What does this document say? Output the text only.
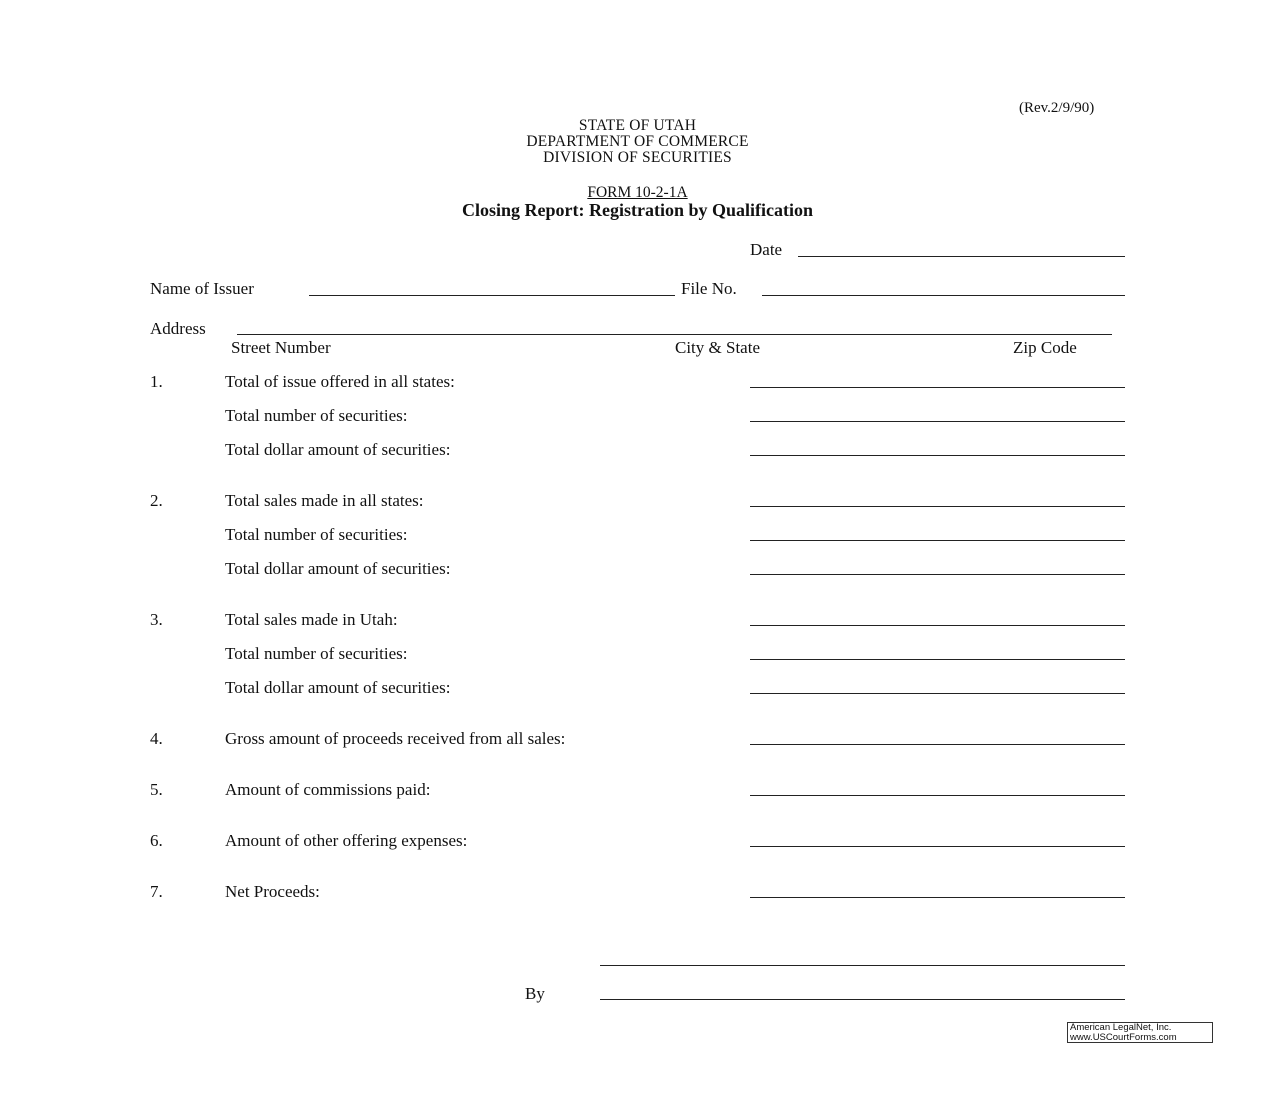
(Rev.2/9/90)
STATE OF UTAH
DEPARTMENT OF COMMERCE
DIVISION OF SECURITIES
FORM 10-2-1A
Closing Report: Registration by Qualification
Date
Name of Issuer	File No.
Address
Street Number	City & State	Zip Code
1.	Total of issue offered in all states:
Total number of securities:
Total dollar amount of securities:
2.	Total sales made in all states:
Total number of securities:
Total dollar amount of securities:
3.	Total sales made in Utah:
Total number of securities:
Total dollar amount of securities:
4.	Gross amount of proceeds received from all sales:
5.	Amount of commissions paid:
6.	Amount of other offering expenses:
7.	Net Proceeds:
By
American LegalNet, Inc.
www.USCourtForms.com
